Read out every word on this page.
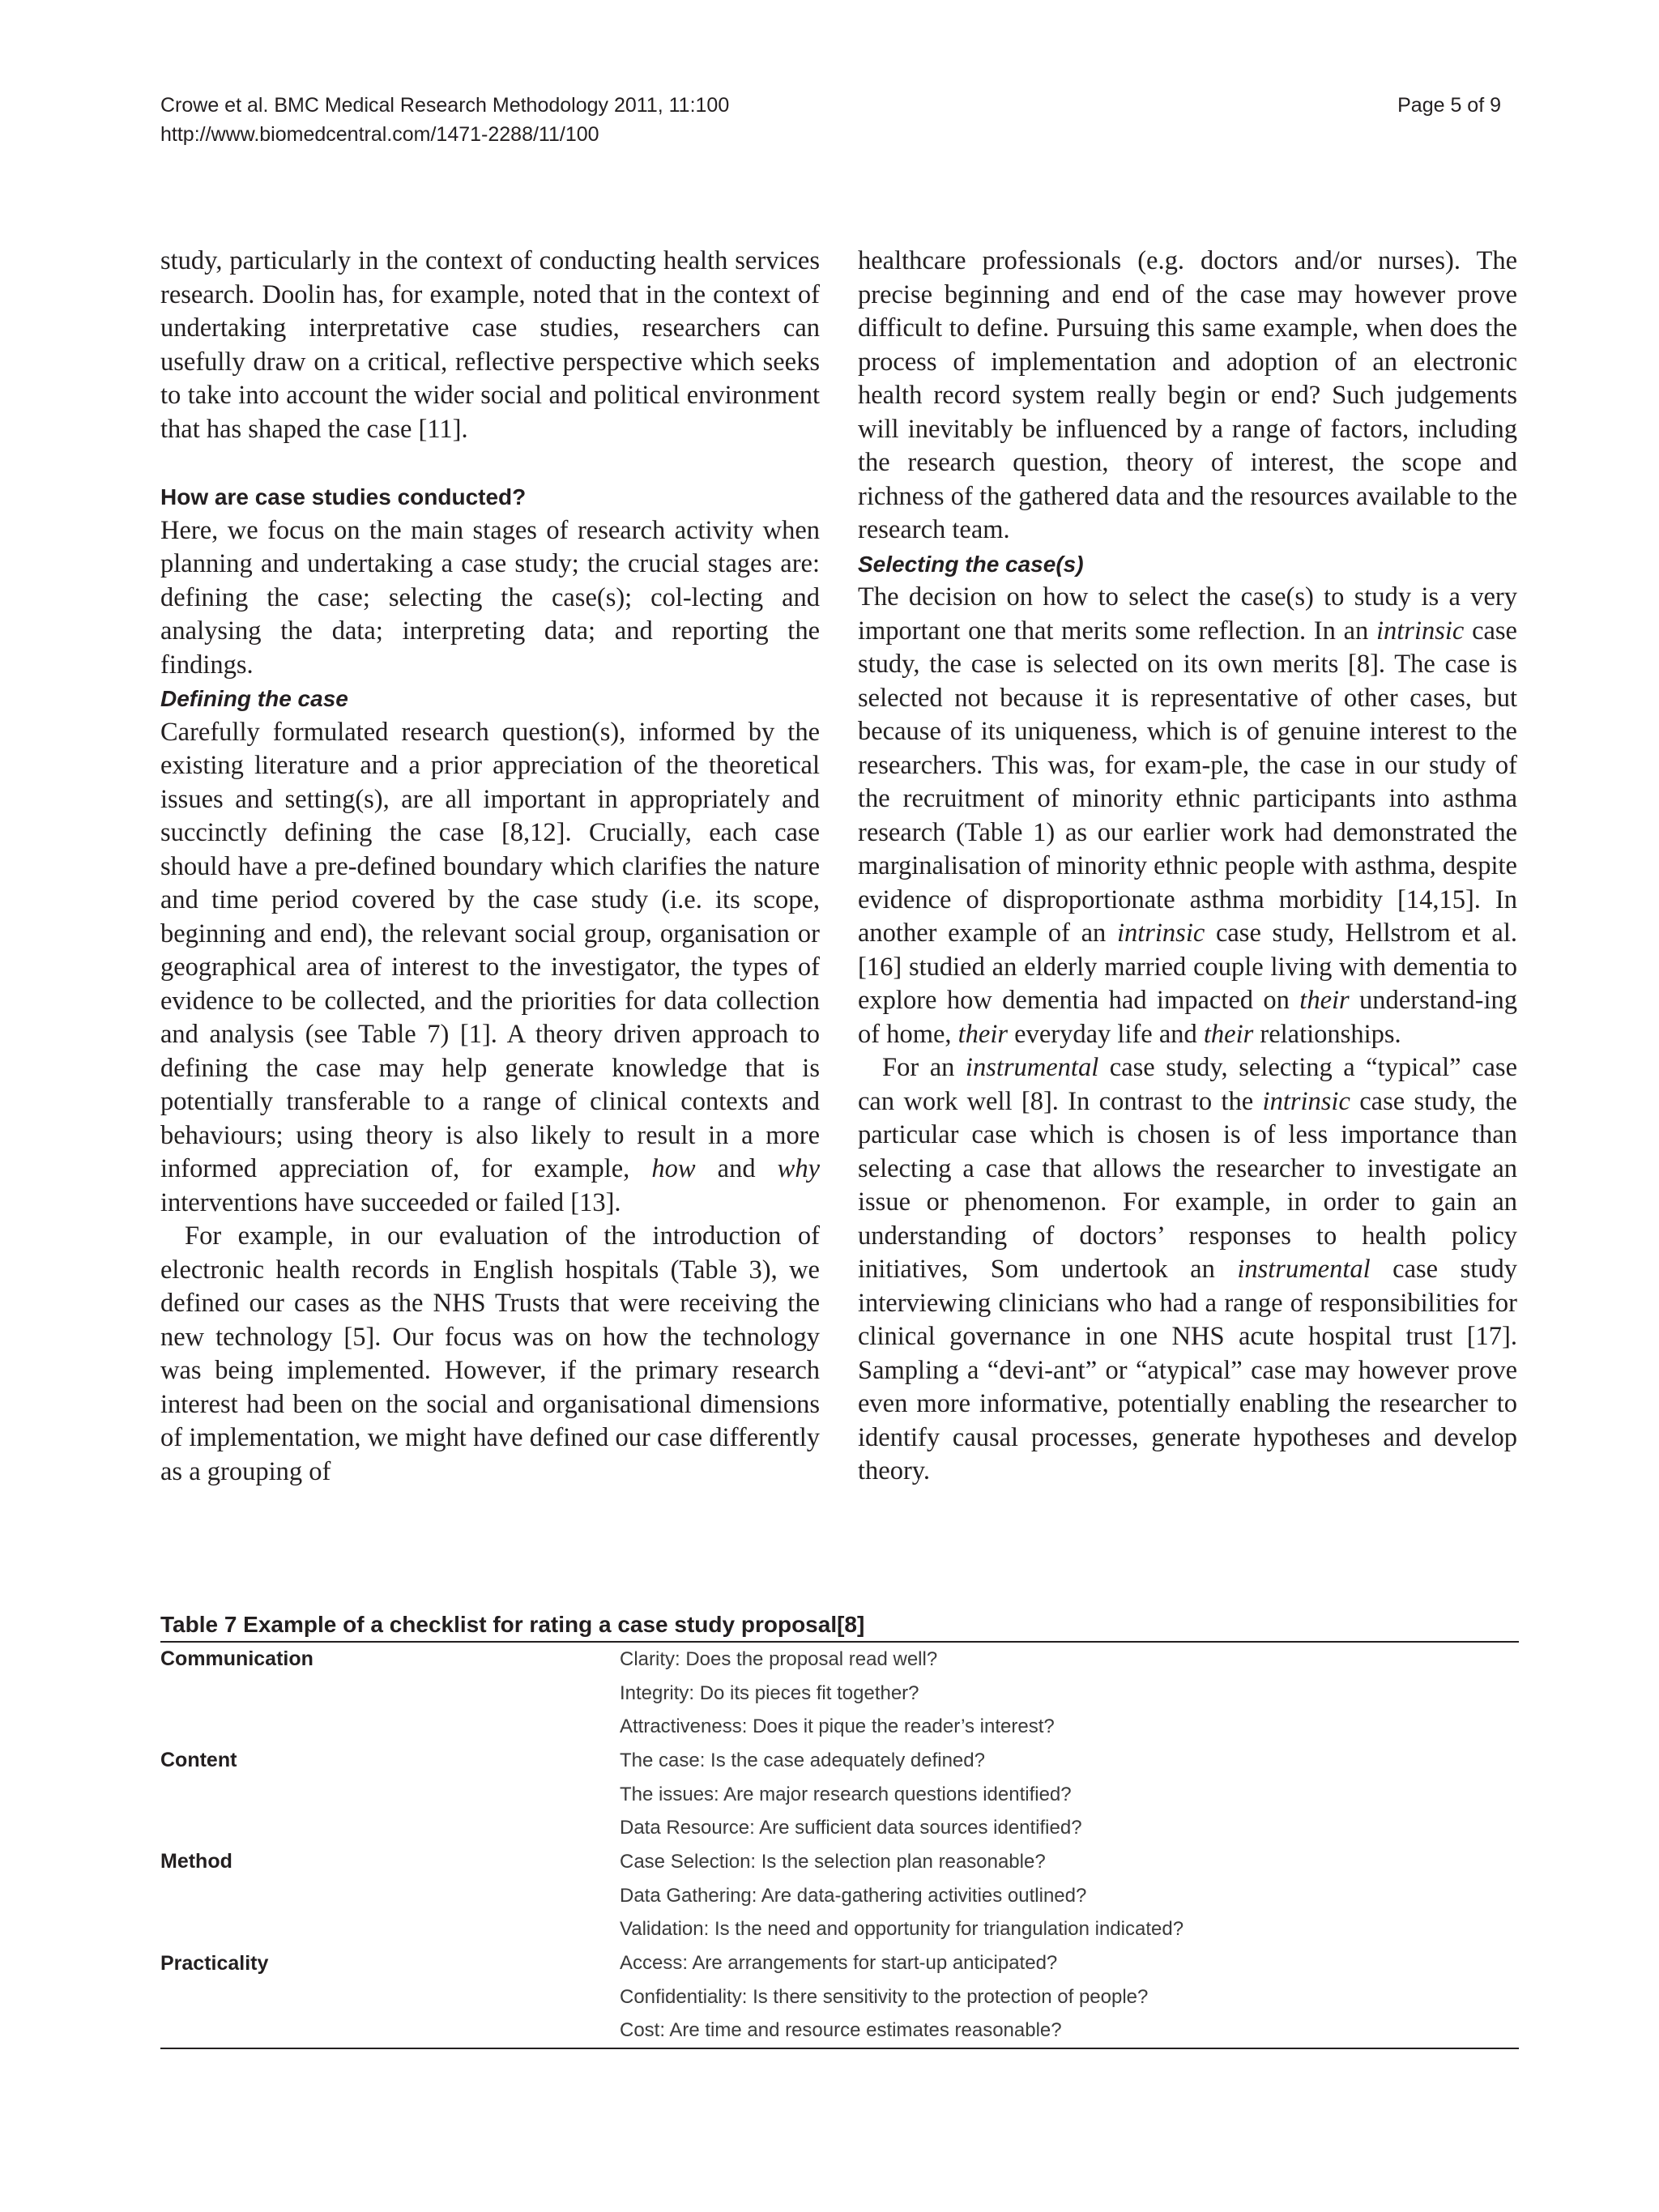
Crowe et al. BMC Medical Research Methodology 2011, 11:100
http://www.biomedcentral.com/1471-2288/11/100
Page 5 of 9

study, particularly in the context of conducting health services research. Doolin has, for example, noted that in the context of undertaking interpretative case studies, researchers can usefully draw on a critical, reflective perspective which seeks to take into account the wider social and political environment that has shaped the case [11].

How are case studies conducted?

Here, we focus on the main stages of research activity when planning and undertaking a case study; the crucial stages are: defining the case; selecting the case(s); col-lecting and analysing the data; interpreting data; and reporting the findings.

Defining the case

Carefully formulated research question(s), informed by the existing literature and a prior appreciation of the theoretical issues and setting(s), are all important in appropriately and succinctly defining the case [8,12]. Crucially, each case should have a pre-defined boundary which clarifies the nature and time period covered by the case study (i.e. its scope, beginning and end), the relevant social group, organisation or geographical area of interest to the investigator, the types of evidence to be collected, and the priorities for data collection and analysis (see Table 7) [1]. A theory driven approach to defining the case may help generate knowledge that is potentially transferable to a range of clinical contexts and behaviours; using theory is also likely to result in a more informed appreciation of, for example, how and why interventions have succeeded or failed [13].

For example, in our evaluation of the introduction of electronic health records in English hospitals (Table 3), we defined our cases as the NHS Trusts that were receiving the new technology [5]. Our focus was on how the technology was being implemented. However, if the primary research interest had been on the social and organisational dimensions of implementation, we might have defined our case differently as a grouping of

healthcare professionals (e.g. doctors and/or nurses). The precise beginning and end of the case may however prove difficult to define. Pursuing this same example, when does the process of implementation and adoption of an electronic health record system really begin or end? Such judgements will inevitably be influenced by a range of factors, including the research question, theory of interest, the scope and richness of the gathered data and the resources available to the research team.

Selecting the case(s)

The decision on how to select the case(s) to study is a very important one that merits some reflection. In an intrinsic case study, the case is selected on its own merits [8]. The case is selected not because it is representative of other cases, but because of its uniqueness, which is of genuine interest to the researchers. This was, for exam-ple, the case in our study of the recruitment of minority ethnic participants into asthma research (Table 1) as our earlier work had demonstrated the marginalisation of minority ethnic people with asthma, despite evidence of disproportionate asthma morbidity [14,15]. In another example of an intrinsic case study, Hellstrom et al. [16] studied an elderly married couple living with dementia to explore how dementia had impacted on their understand-ing of home, their everyday life and their relationships.

For an instrumental case study, selecting a “typical” case can work well [8]. In contrast to the intrinsic case study, the particular case which is chosen is of less importance than selecting a case that allows the researcher to investigate an issue or phenomenon. For example, in order to gain an understanding of doctors’ responses to health policy initiatives, Som undertook an instrumental case study interviewing clinicians who had a range of responsibilities for clinical governance in one NHS acute hospital trust [17]. Sampling a “devi-ant” or “atypical” case may however prove even more informative, potentially enabling the researcher to identify causal processes, generate hypotheses and develop theory.

Table 7 Example of a checklist for rating a case study proposal[8]
Communication	Clarity: Does the proposal read well?
Integrity: Do its pieces fit together?
Attractiveness: Does it pique the reader’s interest?
Content	The case: Is the case adequately defined?
The issues: Are major research questions identified?
Data Resource: Are sufficient data sources identified?
Method	Case Selection: Is the selection plan reasonable?
Data Gathering: Are data-gathering activities outlined?
Validation: Is the need and opportunity for triangulation indicated?
Practicality	Access: Are arrangements for start-up anticipated?
Confidentiality: Is there sensitivity to the protection of people?
Cost: Are time and resource estimates reasonable?
